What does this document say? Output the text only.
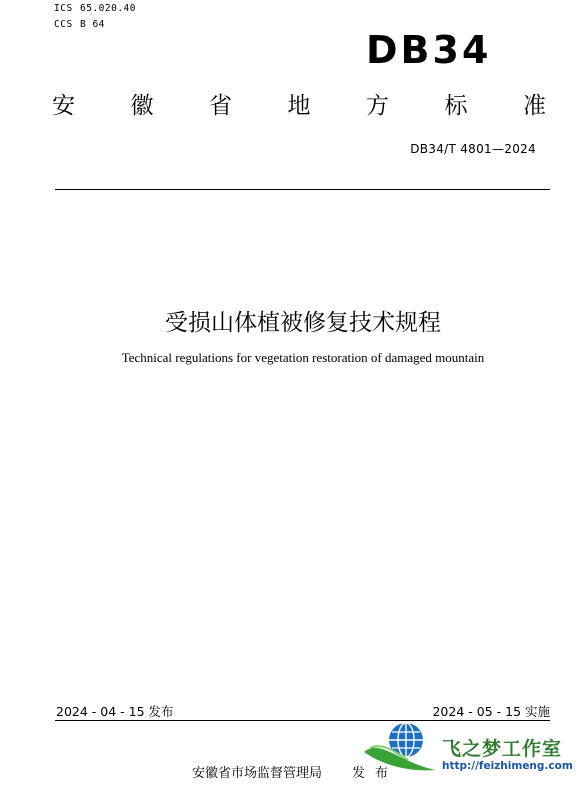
ICS 65.020.40
CCS B 64
DB34
安 徽 省 地 方 标 准
DB34/T 4801—2024
受损山体植被修复技术规程
Technical regulations for vegetation restoration of damaged mountain
2024 - 04 - 15 发布	2024 - 05 - 15 实施
安徽省市场监督管理局 发布
飞之梦工作室
http://feizhimeng.com
